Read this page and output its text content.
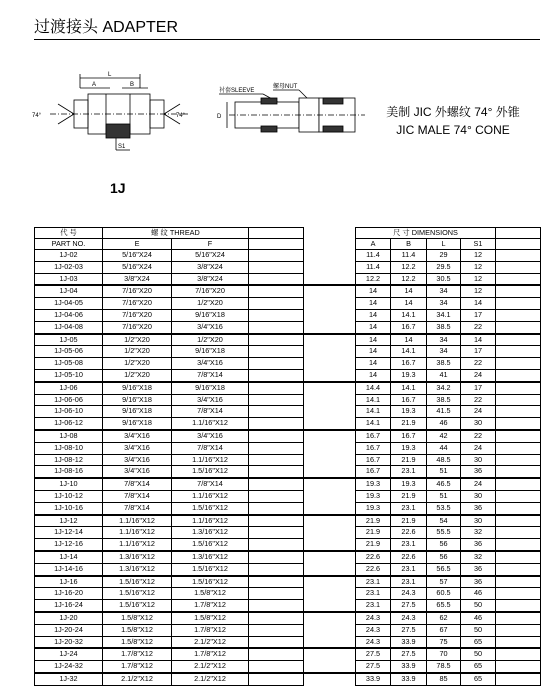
过渡接头 ADAPTER
L
A	B
74°	74°
S1
衬套SLEEVE
螺母NUT
D	美制 JIC 外螺纹 74° 外锥
JIC MALE 74° CONE
1J
代 号	螺 纹 THREAD				尺 寸 DIMENSIONS				
PART NO.	E	F			A	B	L	S1	
1J-02	5/16"X24	5/16"X24			11.4	11.4	29	12	
1J-02-03	5/16"X24	3/8"X24			11.4	12.2	29.5	12	
1J-03	3/8"X24	3/8"X24			12.2	12.2	30.5	12	
1J-04	7/16"X20	7/16"X20			14	14	34	12	
1J-04-05	7/16"X20	1/2"X20			14	14	34	14	
1J-04-06	7/16"X20	9/16"X18			14	14.1	34.1	17	
1J-04-08	7/16"X20	3/4"X16			14	16.7	38.5	22	
1J-05	1/2"X20	1/2"X20			14	14	34	14	
1J-05-06	1/2"X20	9/16"X18			14	14.1	34	17	
1J-05-08	1/2"X20	3/4"X16			14	16.7	38.5	22	
1J-05-10	1/2"X20	7/8"X14			14	19.3	41	24	
1J-06	9/16"X18	9/16"X18			14.4	14.1	34.2	17	
1J-06-06	9/16"X18	3/4"X16			14.1	16.7	38.5	22	
1J-06-10	9/16"X18	7/8"X14			14.1	19.3	41.5	24	
1J-06-12	9/16"X18	1.1/16"X12			14.1	21.9	46	30	
1J-08	3/4"X16	3/4"X16			16.7	16.7	42	22	
1J-08-10	3/4"X16	7/8"X14			16.7	19.3	44	24	
1J-08-12	3/4"X16	1.1/16"X12			16.7	21.9	48.5	30	
1J-08-16	3/4"X16	1.5/16"X12			16.7	23.1	51	36	
1J-10	7/8"X14	7/8"X14			19.3	19.3	46.5	24	
1J-10-12	7/8"X14	1.1/16"X12			19.3	21.9	51	30	
1J-10-16	7/8"X14	1.5/16"X12			19.3	23.1	53.5	36	
1J-12	1.1/16"X12	1.1/16"X12			21.9	21.9	54	30	
1J-12-14	1.1/16"X12	1.3/16"X12			21.9	22.6	55.5	32	
1J-12-16	1.1/16"X12	1.5/16"X12			21.9	23.1	56	36	
1J-14	1.3/16"X12	1.3/16"X12			22.6	22.6	56	32	
1J-14-16	1.3/16"X12	1.5/16"X12			22.6	23.1	56.5	36	
1J-16	1.5/16"X12	1.5/16"X12			23.1	23.1	57	36	
1J-16-20	1.5/16"X12	1.5/8"X12			23.1	24.3	60.5	46	
1J-16-24	1.5/16"X12	1.7/8"X12			23.1	27.5	65.5	50	
1J-20	1.5/8"X12	1.5/8"X12			24.3	24.3	62	46	
1J-20-24	1.5/8"X12	1.7/8"X12			24.3	27.5	67	50	
1J-20-32	1.5/8"X12	2.1/2"X12			24.3	33.9	75	65	
1J-24	1.7/8"X12	1.7/8"X12			27.5	27.5	70	50	
1J-24-32	1.7/8"X12	2.1/2"X12			27.5	33.9	78.5	65	
1J-32	2.1/2"X12	2.1/2"X12			33.9	33.9	85	65	
